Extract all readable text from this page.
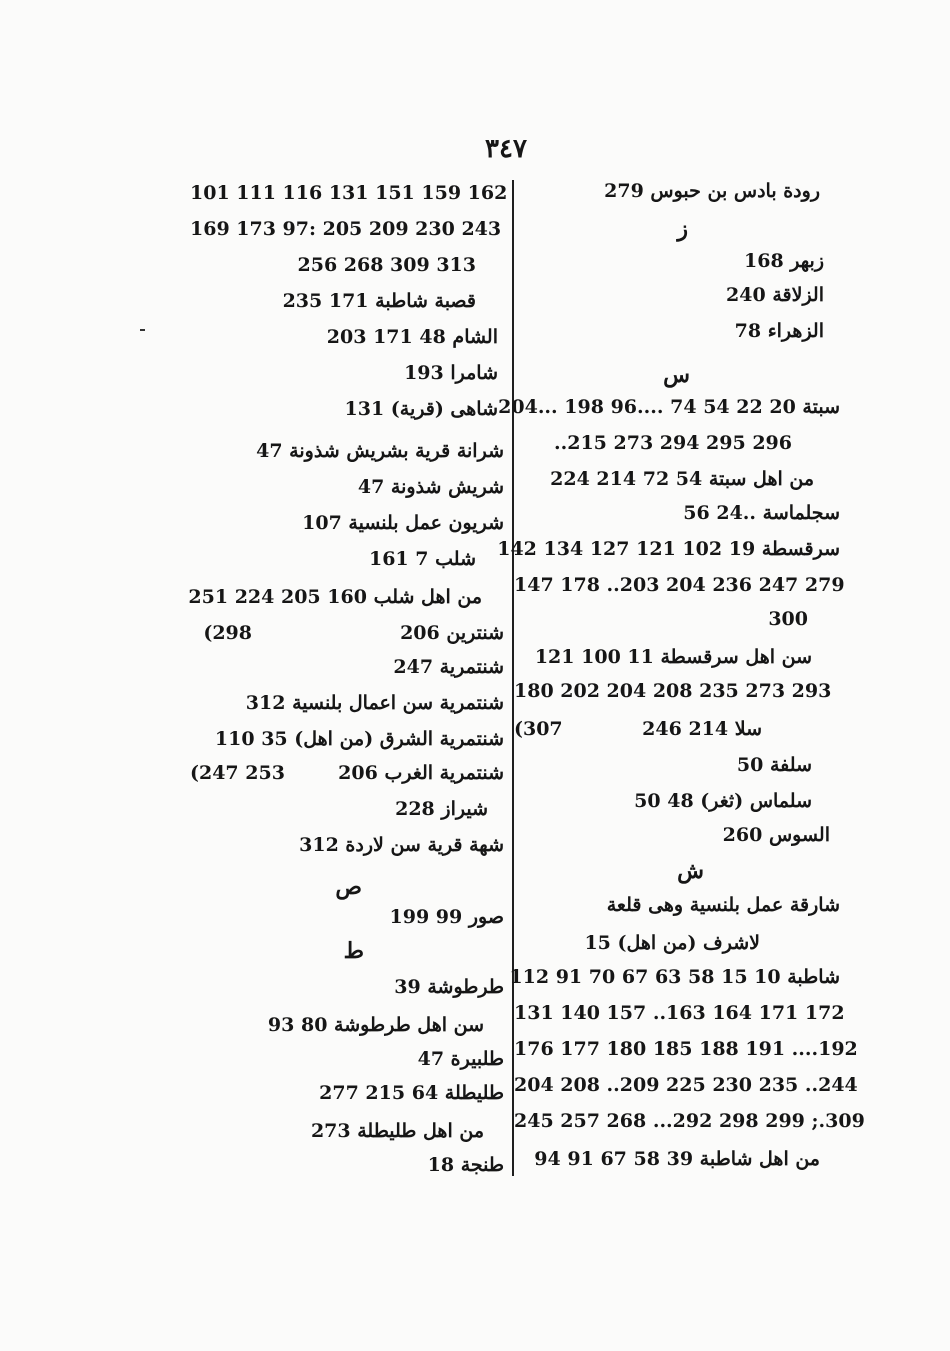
٣٤٧
رودة بادس بن حبوس 279
ز
زبهر 168
الزلاقة 240
الزهراء 78
س
سبتة 20 22 54 74 ....96 198 ...204
..215 273 294 295 296
من اهل سبتة 54 72 214 224
سجلماسة ..24 56
سرقسطة 19 102 121 127 134 142
147 178 ..203 204 236 247 279
300
سن اهل سرقسطة 11 100 121
180 202 204 208 235 273 293
سلا 214 246
(307
سلفة 50
سلماس (ثغر) 48 50
السوس 260
ش
شارقة عمل بلنسية وهى قلعة
لاشرف (من اهل) 15
شاطبة 10 15 58 63 67 70 91 112
131 140 157 ..163 164 171 172
176 177 180 185 188 191 ....192
204 208 ..209 225 230 235 ..244
245 257 268 ...292 298 299 ;.309
من اهل شاطبة 39 58 67 91 94
101 111 116 131 151 159 162
169 173 97: 205 209 230 243
256 268 309 313
قصبة شاطبة 171 235
الشام 48 171 203
شامرا 193
شاهى (قرية) 131
شرانة قرية بشريش شذونة 47
شريش شذونة 47
شريون عمل بلنسية 107
شلب 7 161
من اهل شلب 160 205 224 251
شنترين 206
(298
شنتمرية 247
شنتمرية سن اعمال بلنسية 312
شنتمرية الشرق (من اهل) 35 110
شنتمرية الغرب 206
(247 253
شيراز 228
شهة قرية سن لاردة 312
ص
صور 99 199
ط
طرطوشة 39
سن اهل طرطوشة 80 93
طلبيرة 47
طليطلة 64 215 277
من اهل طليطلة 273
طنجة 18
